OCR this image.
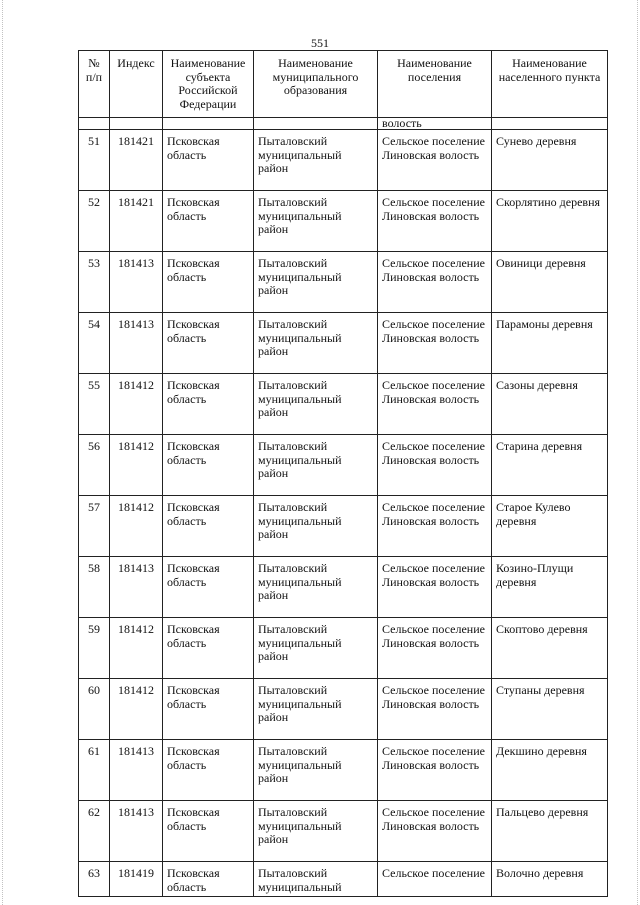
551
№ п/п	Индекс	Наименование субъекта Российской Федерации	Наименование муниципального образования	Наименование поселения	Наименование населенного пункта
				волость	
51	181421	Псковская область	Пыталовский муниципальный район	Сельское поселение Линовская волость	Сунево деревня
52	181421	Псковская область	Пыталовский муниципальный район	Сельское поселение Линовская волость	Скорлятино деревня
53	181413	Псковская область	Пыталовский муниципальный район	Сельское поселение Линовская волость	Овиници деревня
54	181413	Псковская область	Пыталовский муниципальный район	Сельское поселение Линовская волость	Парамоны деревня
55	181412	Псковская область	Пыталовский муниципальный район	Сельское поселение Линовская волость	Сазоны деревня
56	181412	Псковская область	Пыталовский муниципальный район	Сельское поселение Линовская волость	Старина деревня
57	181412	Псковская область	Пыталовский муниципальный район	Сельское поселение Линовская волость	Старое Кулево деревня
58	181413	Псковская область	Пыталовский муниципальный район	Сельское поселение Линовская волость	Козино-Плущи деревня
59	181412	Псковская область	Пыталовский муниципальный район	Сельское поселение Линовская волость	Скоптово деревня
60	181412	Псковская область	Пыталовский муниципальный район	Сельское поселение Линовская волость	Ступаны деревня
61	181413	Псковская область	Пыталовский муниципальный район	Сельское поселение Линовская волость	Декшино деревня
62	181413	Псковская область	Пыталовский муниципальный район	Сельское поселение Линовская волость	Пальцево деревня
63	181419	Псковская область	Пыталовский муниципальный	Сельское поселение	Волочно деревня
